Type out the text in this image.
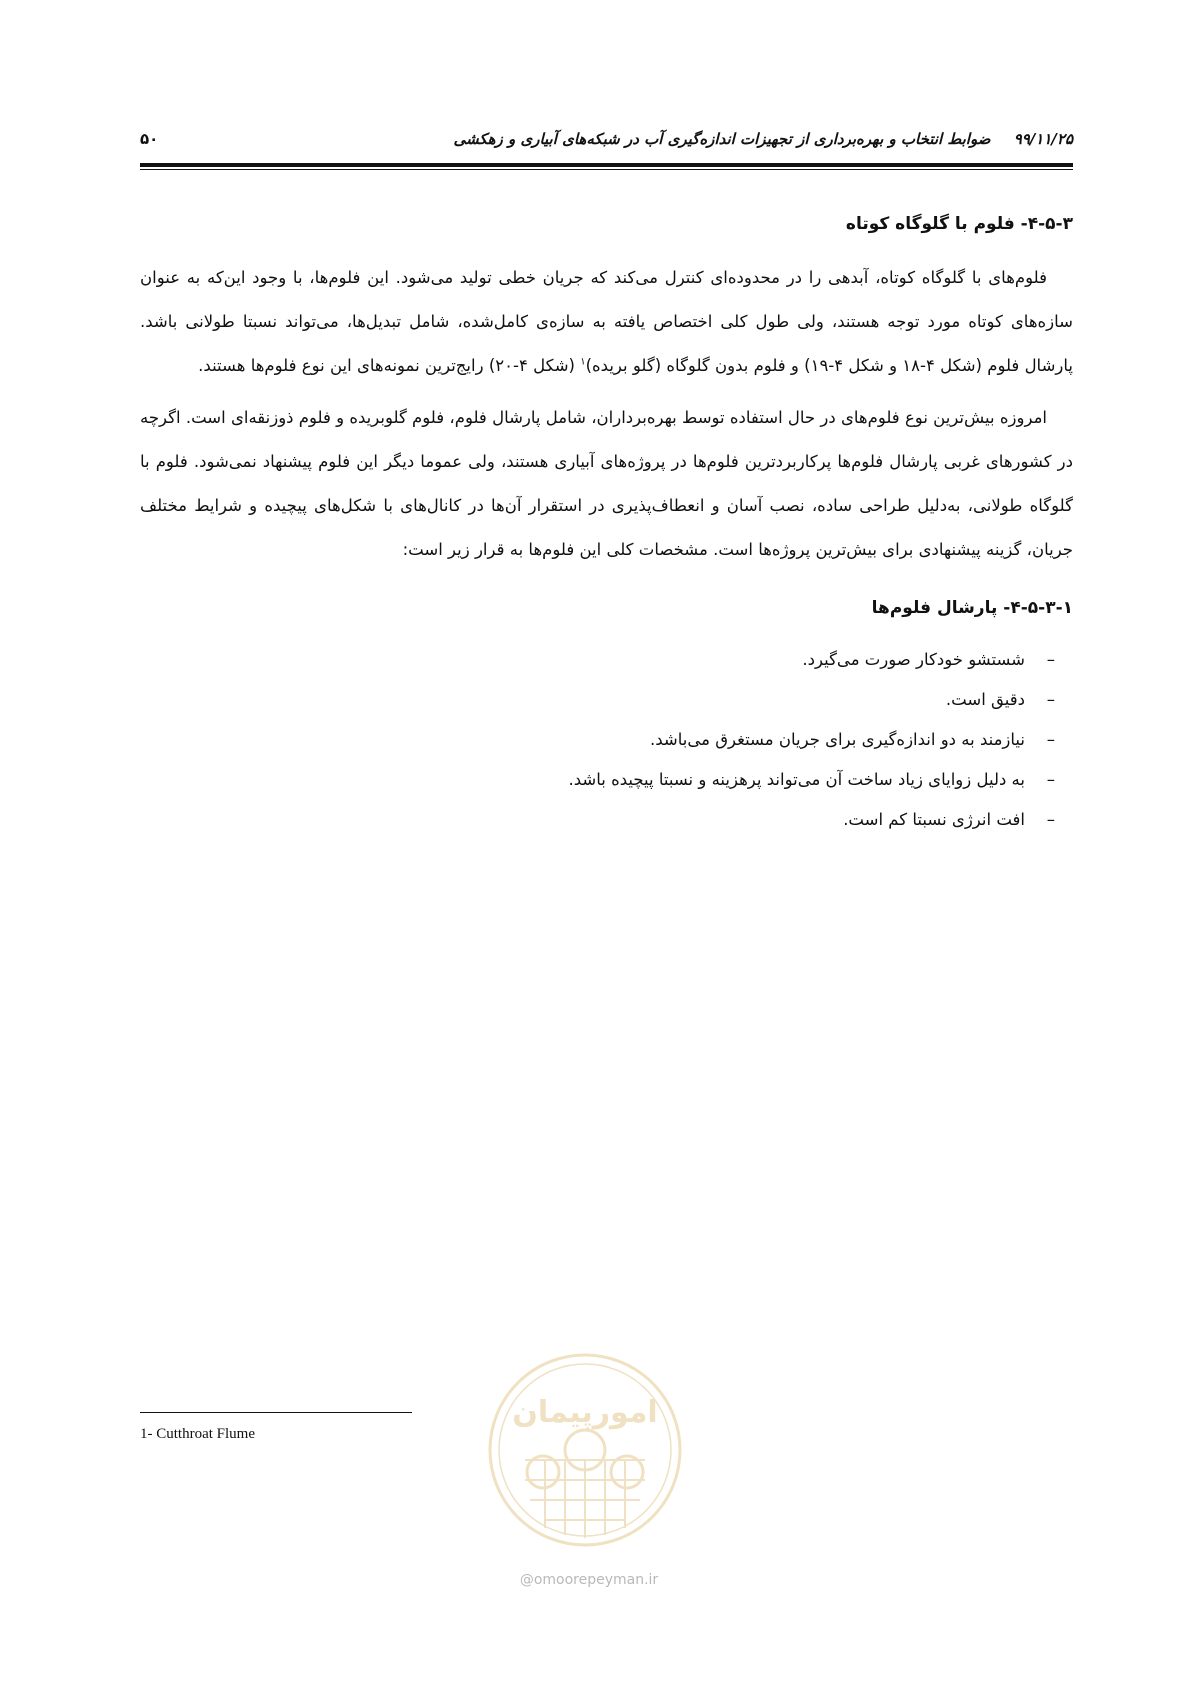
۹۹/۱۱/۲۵ ضوابط انتخاب و بهره‌برداری از تجهیزات اندازه‌گیری آب در شبکه‌های آبیاری و زهکشی
۵۰
۴-۵-۳- فلوم با گلوگاه کوتاه

فلوم‌های با گلوگاه کوتاه، آبدهی را در محدوده‌ای کنترل می‌کند که جریان خطی تولید می‌شود. این فلوم‌ها، با وجود این‌که به عنوان سازه‌های کوتاه مورد توجه هستند، ولی طول کلی اختصاص یافته به سازه‌ی کامل‌شده، شامل تبدیل‌ها، می‌تواند نسبتا طولانی باشد. پارشال فلوم (شکل ۴-۱۸ و شکل ۴-۱۹) و فلوم بدون گلوگاه (گلو بریده)$^۱$ (شکل ۴-۲۰) رایج‌ترین نمونه‌های این نوع فلوم‌ها هستند.

امروزه بیش‌ترین نوع فلوم‌های در حال استفاده توسط بهره‌برداران، شامل پارشال فلوم، فلوم گلوبریده و فلوم ذوزنقه‌ای است. اگرچه در کشورهای غربی پارشال فلوم‌ها پرکاربردترین فلوم‌ها در پروژه‌های آبیاری هستند، ولی عموما دیگر این فلوم پیشنهاد نمی‌شود. فلوم با گلوگاه طولانی، به‌دلیل طراحی ساده، نصب آسان و انعطاف‌پذیری در استقرار آن‌ها در کانال‌های با شکل‌های پیچیده و شرایط مختلف جریان، گزینه پیشنهادی برای بیش‌ترین پروژه‌ها است. مشخصات کلی این فلوم‌ها به قرار زیر است:

۴-۵-۳-۱- پارشال فلوم‌ها
–
شستشو خودکار صورت می‌گیرد.
–
دقیق است.
–
نیازمند به دو اندازه‌گیری برای جریان مستغرق می‌باشد.
–
به دلیل زوایای زیاد ساخت آن می‌تواند پرهزینه و نسبتا پیچیده باشد.
–
افت انرژی نسبتا کم است.
1- Cutthroat Flume
امورپیمان
@omoorepeyman.ir
